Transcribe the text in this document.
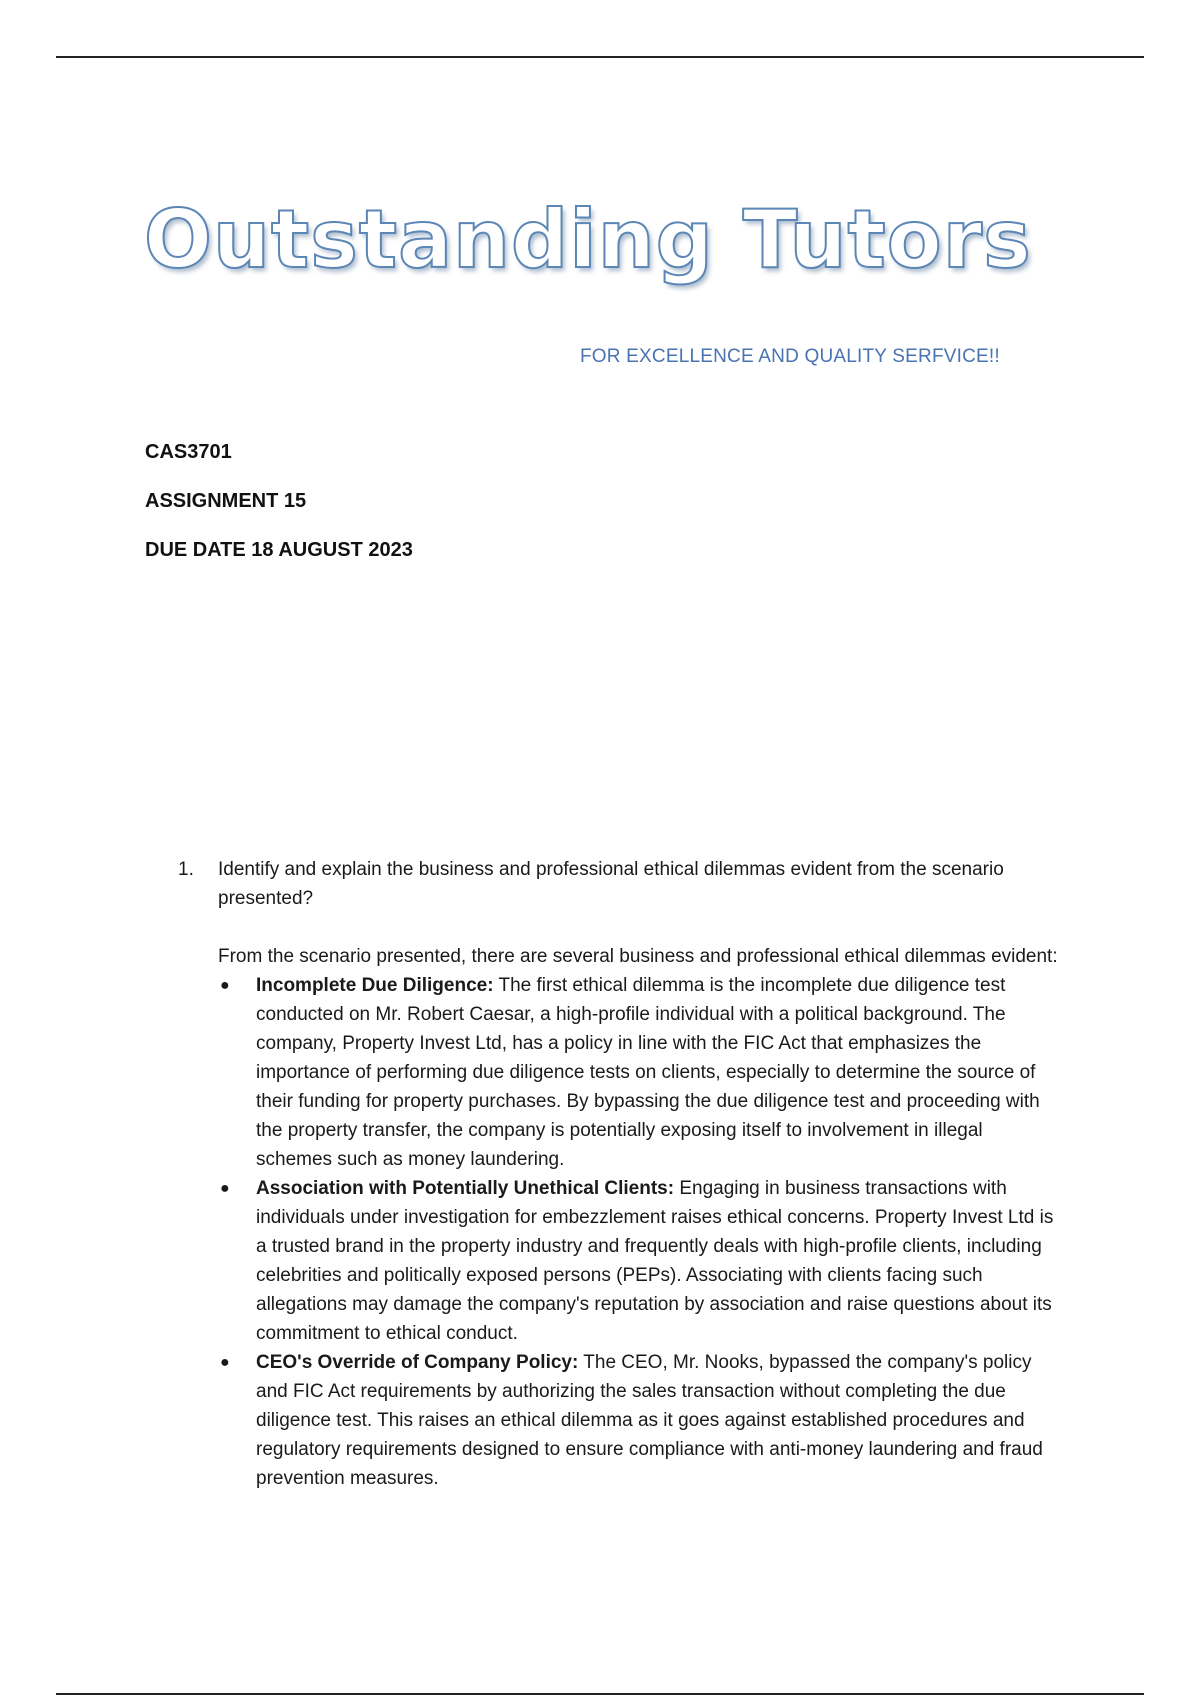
Outstanding Tutors
FOR EXCELLENCE AND QUALITY SERFVICE!!
CAS3701
ASSIGNMENT 15
DUE DATE 18 AUGUST 2023
1.	Identify and explain the business and professional ethical dilemmas evident from the scenario presented?
From the scenario presented, there are several business and professional ethical dilemmas evident:
●	Incomplete Due Diligence: The first ethical dilemma is the incomplete due diligence test conducted on Mr. Robert Caesar, a high-profile individual with a political background. The company, Property Invest Ltd, has a policy in line with the FIC Act that emphasizes the importance of performing due diligence tests on clients, especially to determine the source of their funding for property purchases. By bypassing the due diligence test and proceeding with the property transfer, the company is potentially exposing itself to involvement in illegal schemes such as money laundering.
●	Association with Potentially Unethical Clients: Engaging in business transactions with individuals under investigation for embezzlement raises ethical concerns. Property Invest Ltd is a trusted brand in the property industry and frequently deals with high-profile clients, including celebrities and politically exposed persons (PEPs). Associating with clients facing such allegations may damage the company's reputation by association and raise questions about its commitment to ethical conduct.
●	CEO's Override of Company Policy: The CEO, Mr. Nooks, bypassed the company's policy and FIC Act requirements by authorizing the sales transaction without completing the due diligence test. This raises an ethical dilemma as it goes against established procedures and regulatory requirements designed to ensure compliance with anti-money laundering and fraud prevention measures.
